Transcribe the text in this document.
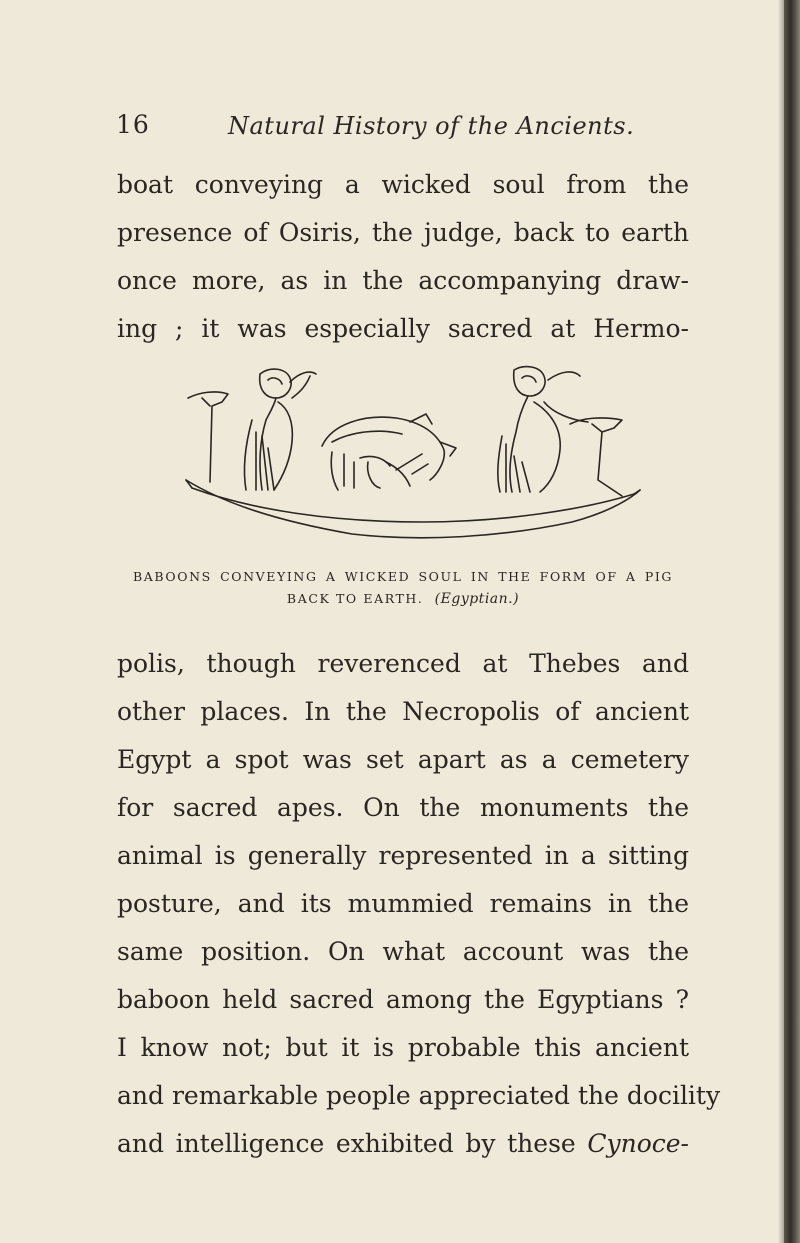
16	Natural History of the Ancients.
boat conveying a wicked soul from the
presence of Osiris, the judge, back to earth
once more, as in the accompanying draw-
ing ; it was especially sacred at Hermo-
BABOONS CONVEYING A WICKED SOUL IN THE FORM OF A PIG
BACK TO EARTH. (Egyptian.)
polis, though reverenced at Thebes and
other places. In the Necropolis of ancient
Egypt a spot was set apart as a cemetery
for sacred apes. On the monuments the
animal is generally represented in a sitting
posture, and its mummied remains in the
same position. On what account was the
baboon held sacred among the Egyptians ?
I know not; but it is probable this ancient
and remarkable people appreciated the docility
and intelligence exhibited by these Cynoce-
